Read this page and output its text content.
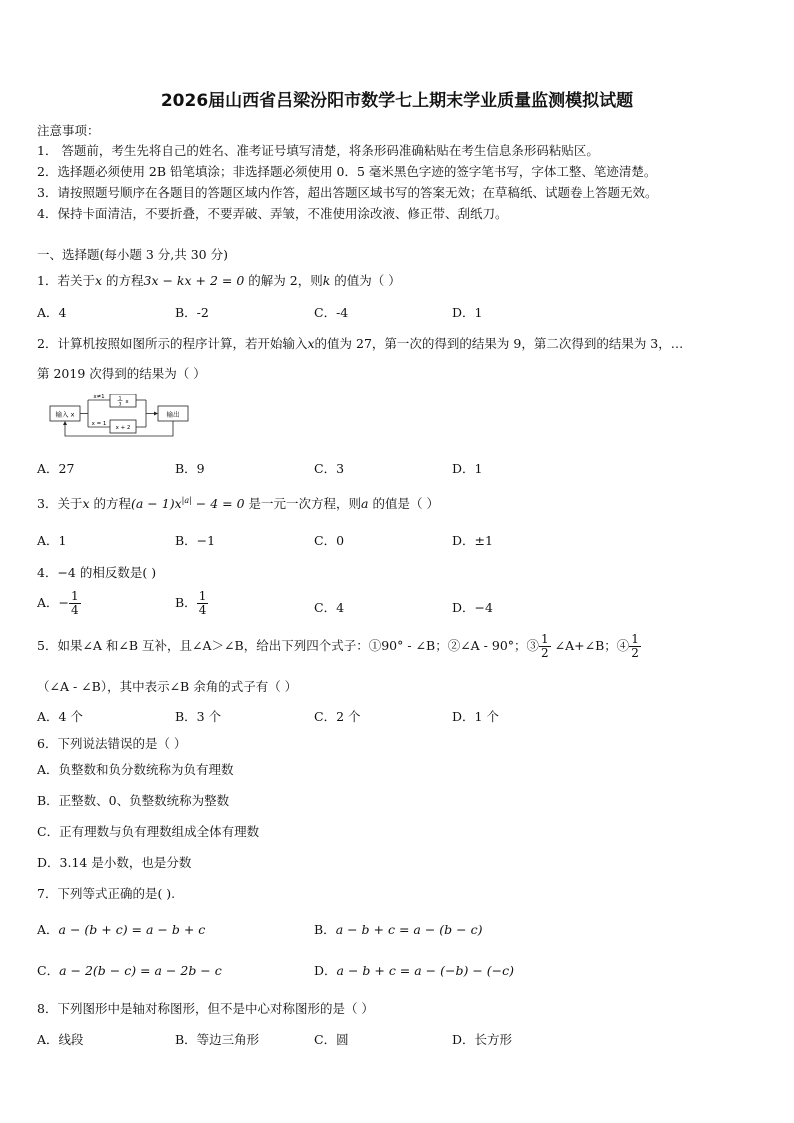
2026届山西省吕梁汾阳市数学七上期末学业质量监测模拟试题
注意事项：
1． 答题前，考生先将自己的姓名、准考证号填写清楚，将条形码准确粘贴在考生信息条形码粘贴区。
2．选择题必须使用 2B 铅笔填涂；非选择题必须使用 0．5 毫米黑色字迹的签字笔书写，字体工整、笔迹清楚。
3．请按照题号顺序在各题目的答题区域内作答，超出答题区域书写的答案无效；在草稿纸、试题卷上答题无效。
4．保持卡面清洁，不要折叠，不要弄破、弄皱，不准使用涂改液、修正带、刮纸刀。
一、选择题(每小题 3 分,共 30 分)
1．若关于x 的方程3x − kx + 2 = 0 的解为 2，则k 的值为（ ）
A．4	B．-2	C．-4	D．1
2．计算机按照如图所示的程序计算，若开始输入x的值为 27，第一次的得到的结果为 9，第二次得到的结果为 3，…
第 2019 次得到的结果为（ ）
输入 x
x≠1
x = 1
1
3 x
x + 2
输出
A．27	B．9	C．3	D．1
3．关于x 的方程$(a - 1)x^{|a|} - 4 = 0$ 是一元一次方程，则a 的值是（ ）
A．1	B．−1	C．0	D．±1
4．−4 的相反数是( )
A．− $\frac{1}{4}$	B． $\frac{1}{4}$	C．4	D．−4
5．如果∠A 和∠B 互补，且∠A＞∠B，给出下列四个式子：①90° - ∠B；②∠A - 90°；③ $\frac{1}{2}$ ∠A+∠B；④ $\frac{1}{2}$
（∠A - ∠B），其中表示∠B 余角的式子有（ ）
A．4 个	B．3 个	C．2 个	D．1 个
6．下列说法错误的是（ ）
A．负整数和负分数统称为负有理数
B．正整数、0、负整数统称为整数
C．正有理数与负有理数组成全体有理数
D．3.14 是小数，也是分数
7．下列等式正确的是( ).
A．a − (b + c) = a − b + c	B．a − b + c = a − (b − c)
C．a − 2(b − c) = a − 2b − c	D．a − b + c = a − (−b) − (−c)
8．下列图形中是轴对称图形，但不是中心对称图形的是（ ）
A．线段	B．等边三角形	C．圆	D．长方形
